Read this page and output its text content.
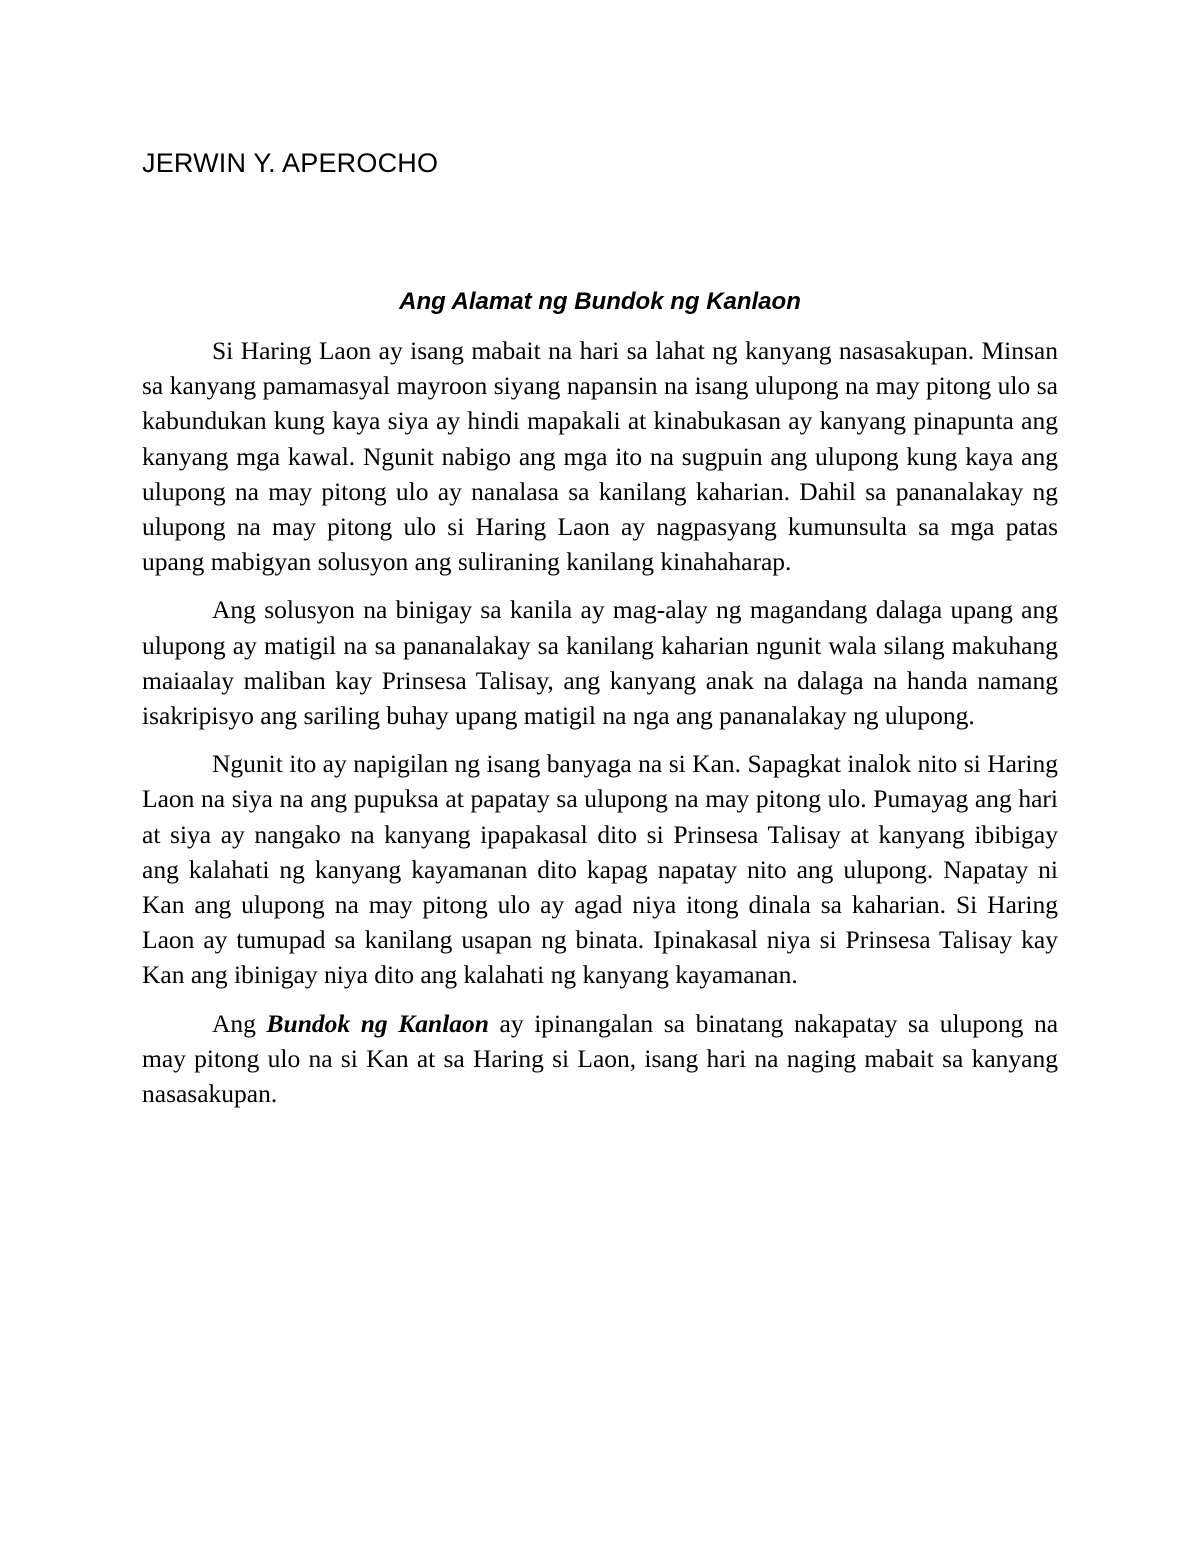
JERWIN Y. APEROCHO
Ang Alamat ng Bundok ng Kanlaon

Si Haring Laon ay isang mabait na hari sa lahat ng kanyang nasasakupan. Minsan sa kanyang pamamasyal mayroon siyang napansin na isang ulupong na may pitong ulo sa kabundukan kung kaya siya ay hindi mapakali at kinabukasan ay kanyang pinapunta ang kanyang mga kawal. Ngunit nabigo ang mga ito na sugpuin ang ulupong kung kaya ang ulupong na may pitong ulo ay nanalasa sa kanilang kaharian. Dahil sa pananalakay ng ulupong na may pitong ulo si Haring Laon ay nagpasyang kumunsulta sa mga patas upang mabigyan solusyon ang suliraning kanilang kinahaharap.

Ang solusyon na binigay sa kanila ay mag-alay ng magandang dalaga upang ang ulupong ay matigil na sa pananalakay sa kanilang kaharian ngunit wala silang makuhang maiaalay maliban kay Prinsesa Talisay, ang kanyang anak na dalaga na handa namang isakripisyo ang sariling buhay upang matigil na nga ang pananalakay ng ulupong.

Ngunit ito ay napigilan ng isang banyaga na si Kan. Sapagkat inalok nito si Haring Laon na siya na ang pupuksa at papatay sa ulupong na may pitong ulo. Pumayag ang hari at siya ay nangako na kanyang ipapakasal dito si Prinsesa Talisay at kanyang ibibigay ang kalahati ng kanyang kayamanan dito kapag napatay nito ang ulupong. Napatay ni Kan ang ulupong na may pitong ulo ay agad niya itong dinala sa kaharian. Si Haring Laon ay tumupad sa kanilang usapan ng binata. Ipinakasal niya si Prinsesa Talisay kay Kan ang ibinigay niya dito ang kalahati ng kanyang kayamanan.

Ang Bundok ng Kanlaon ay ipinangalan sa binatang nakapatay sa ulupong na may pitong ulo na si Kan at sa Haring si Laon, isang hari na naging mabait sa kanyang nasasakupan.
